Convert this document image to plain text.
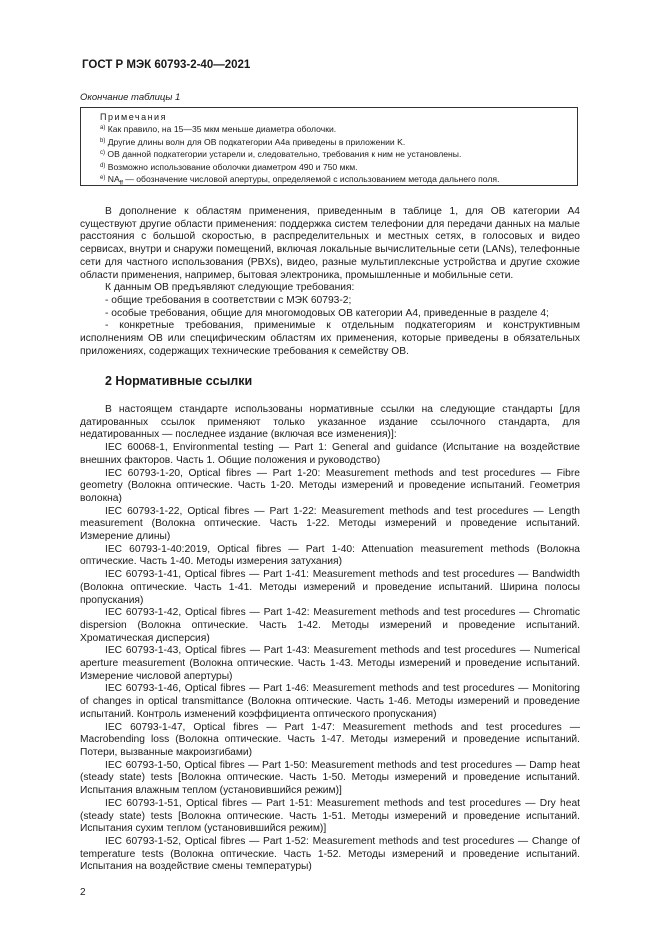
ГОСТ Р МЭК 60793-2-40—2021
Окончание таблицы 1
Примечания
$^{a)}$ Как правило, на 15—35 мкм меньше диаметра оболочки.
$^{b)}$ Другие длины волн для ОВ подкатегории А4а приведены в приложении K.
$^{c)}$ ОВ данной подкатегории устарели и, следовательно, требования к ним не установлены.
$^{d)}$ Возможно использование оболочки диаметром 490 и 750 мкм.
$^{e)}$ $NA_{ff}$ — обозначение числовой апертуры, определяемой с использованием метода дальнего поля.

В дополнение к областям применения, приведенным в таблице 1, для ОВ категории А4 существуют другие области применения: поддержка систем телефонии для передачи данных на малые расстояния с большой скоростью, в распределительных и местных сетях, в голосовых и видео сервисах, внутри и снаружи помещений, включая локальные вычислительные сети (LANs), телефонные сети для частного использования (PBXs), видео, разные мультиплексные устройства и другие схожие области применения, например, бытовая электроника, промышленные и мобильные сети.

К данным ОВ предъявляют следующие требования:

- общие требования в соответствии с МЭК 60793-2;

- особые требования, общие для многомодовых ОВ категории А4, приведенные в разделе 4;

- конкретные требования, применимые к отдельным подкатегориям и конструктивным исполнениям ОВ или специфическим областям их применения, которые приведены в обязательных приложениях, содержащих технические требования к семейству ОВ.

2 Нормативные ссылки

В настоящем стандарте использованы нормативные ссылки на следующие стандарты [для датированных ссылок применяют только указанное издание ссылочного стандарта, для недатированных — последнее издание (включая все изменения)]:

IEC 60068-1, Environmental testing — Part 1: General and guidance (Испытание на воздействие внешних факторов. Часть 1. Общие положения и руководство)

IEC 60793-1-20, Optical fibres — Part 1-20: Measurement methods and test procedures — Fibre geometry (Волокна оптические. Часть 1-20. Методы измерений и проведение испытаний. Геометрия волокна)

IEC 60793-1-22, Optical fibres — Part 1-22: Measurement methods and test procedures — Length measurement (Волокна оптические. Часть 1-22. Методы измерений и проведение испытаний. Измерение длины)

IEC 60793-1-40:2019, Optical fibres — Part 1-40: Attenuation measurement methods (Волокна оптические. Часть 1-40. Методы измерения затухания)

IEC 60793-1-41, Optical fibres — Part 1-41: Measurement methods and test procedures — Bandwidth (Волокна оптические. Часть 1-41. Методы измерений и проведение испытаний. Ширина полосы пропускания)

IEC 60793-1-42, Optical fibres — Part 1-42: Measurement methods and test procedures — Chromatic dispersion (Волокна оптические. Часть 1-42. Методы измерений и проведение испытаний. Хроматическая дисперсия)

IEC 60793-1-43, Optical fibres — Part 1-43: Measurement methods and test procedures — Numerical aperture measurement (Волокна оптические. Часть 1-43. Методы измерений и проведение испытаний. Измерение числовой апертуры)

IEC 60793-1-46, Optical fibres — Part 1-46: Measurement methods and test procedures — Monitoring of changes in optical transmittance (Волокна оптические. Часть 1-46. Методы измерений и проведение испытаний. Контроль изменений коэффициента оптического пропускания)

IEC 60793-1-47, Optical fibres — Part 1-47: Measurement methods and test procedures — Macrobending loss (Волокна оптические. Часть 1-47. Методы измерений и проведение испытаний. Потери, вызванные макроизгибами)

IEC 60793-1-50, Optical fibres — Part 1-50: Measurement methods and test procedures — Damp heat (steady state) tests [Волокна оптические. Часть 1-50. Методы измерений и проведение испытаний. Испытания влажным теплом (установившийся режим)]

IEC 60793-1-51, Optical fibres — Part 1-51: Measurement methods and test procedures — Dry heat (steady state) tests [Волокна оптические. Часть 1-51. Методы измерений и проведение испытаний. Испытания сухим теплом (установившийся режим)]

IEC 60793-1-52, Optical fibres — Part 1-52: Measurement methods and test procedures — Change of temperature tests (Волокна оптические. Часть 1-52. Методы измерений и проведение испытаний. Испытания на воздействие смены температуры)

2
